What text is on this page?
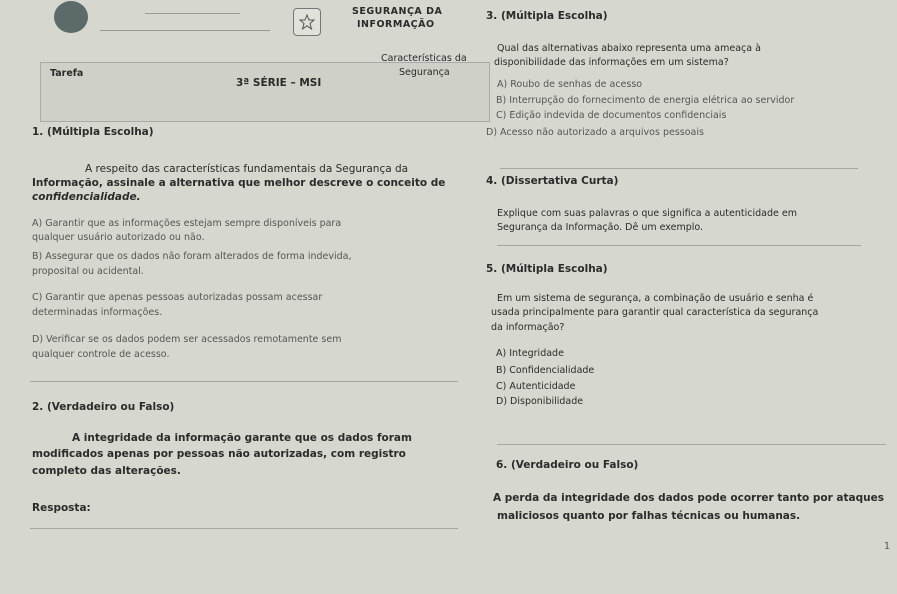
SEGURANÇA DA
INFORMAÇÃO
Características da
Segurança
Tarefa
3ª SÉRIE – MSI
1. (Múltipla Escolha)
A respeito das características fundamentais da Segurança da
Informação, assinale a alternativa que melhor descreve o conceito de
confidencialidade.
A) Garantir que as informações estejam sempre disponíveis para
qualquer usuário autorizado ou não.
B) Assegurar que os dados não foram alterados de forma indevida,
proposital ou acidental.
C) Garantir que apenas pessoas autorizadas possam acessar
determinadas informações.
D) Verificar se os dados podem ser acessados remotamente sem
qualquer controle de acesso.
2. (Verdadeiro ou Falso)
A integridade da informação garante que os dados foram
modificados apenas por pessoas não autorizadas, com registro
completo das alterações.
Resposta:
3. (Múltipla Escolha)
Qual das alternativas abaixo representa uma ameaça à
disponibilidade das informações em um sistema?
A) Roubo de senhas de acesso
B) Interrupção do fornecimento de energia elétrica ao servidor
C) Edição indevida de documentos confidenciais
D) Acesso não autorizado a arquivos pessoais
4. (Dissertativa Curta)
Explique com suas palavras o que significa a autenticidade em
Segurança da Informação. Dê um exemplo.
5. (Múltipla Escolha)
Em um sistema de segurança, a combinação de usuário e senha é
usada principalmente para garantir qual característica da segurança
da informação?
A) Integridade
B) Confidencialidade
C) Autenticidade
D) Disponibilidade
6. (Verdadeiro ou Falso)
A perda da integridade dos dados pode ocorrer tanto por ataques
maliciosos quanto por falhas técnicas ou humanas.
1
